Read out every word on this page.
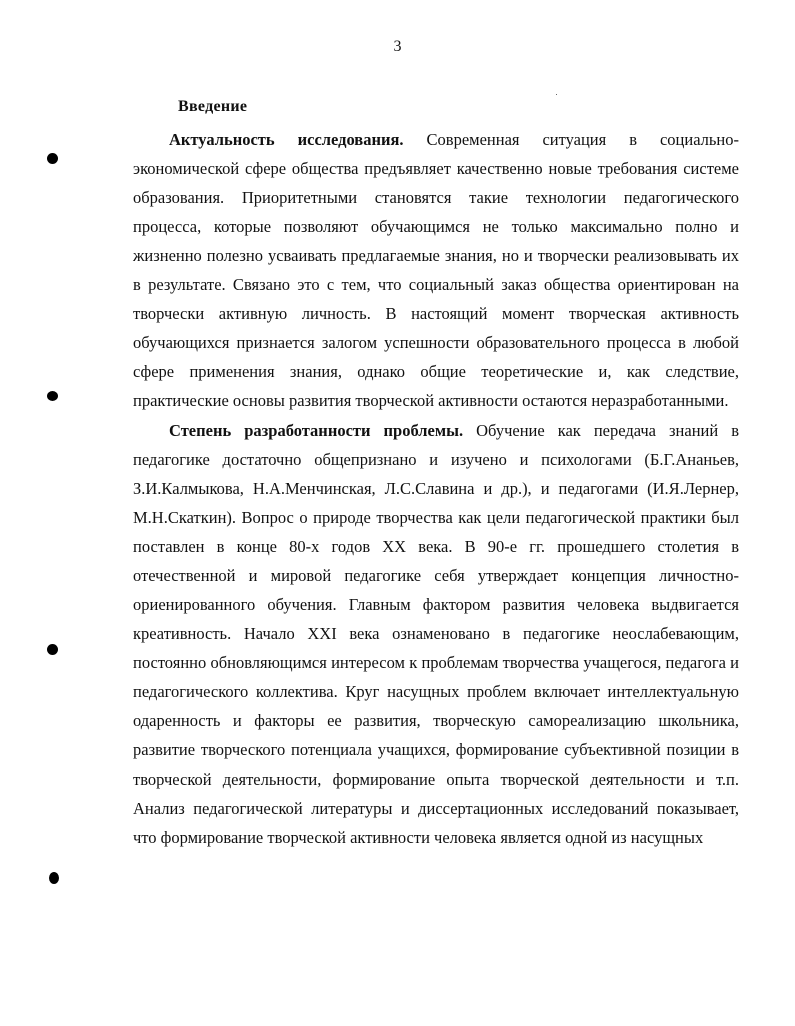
3
Введение

Актуальность исследования. Современная ситуация в социально-экономической сфере общества предъявляет качественно новые требования системе образования. Приоритетными становятся такие технологии педагогического процесса, которые позволяют обучающимся не только максимально полно и жизненно полезно усваивать предлагаемые знания, но и творчески реализовывать их в результате. Связано это с тем, что социальный заказ общества ориентирован на творчески активную личность. В настоящий момент творческая активность обучающихся признается залогом успешности образовательного процесса в любой сфере применения знания, однако общие теоретические и, как следствие, практические основы развития творческой активности остаются неразработанными.

Степень разработанности проблемы. Обучение как передача знаний в педагогике достаточно общепризнано и изучено и психологами (Б.Г.Ананьев, З.И.Калмыкова, Н.А.Менчинская, Л.С.Славина и др.), и педагогами (И.Я.Лернер, М.Н.Скаткин). Вопрос о природе творчества как цели педагогической практики был поставлен в конце 80-х годов XX века. В 90-е гг. прошедшего столетия в отечественной и мировой педагогике себя утверждает концепция личностно-ориенированного обучения. Главным фактором развития человека выдвигается креативность. Начало XXI века ознаменовано в педагогике неослабевающим, постоянно обновляющимся интересом к проблемам творчества учащегося, педагога и педагогического коллектива. Круг насущных проблем включает интеллектуальную одаренность и факторы ее развития, творческую самореализацию школьника, развитие творческого потенциала учащихся, формирование субъективной позиции в творческой деятельности, формирование опыта творческой деятельности и т.п. Анализ педагогической литературы и диссертационных исследований показывает, что формирование творческой активности человека является одной из насущных
